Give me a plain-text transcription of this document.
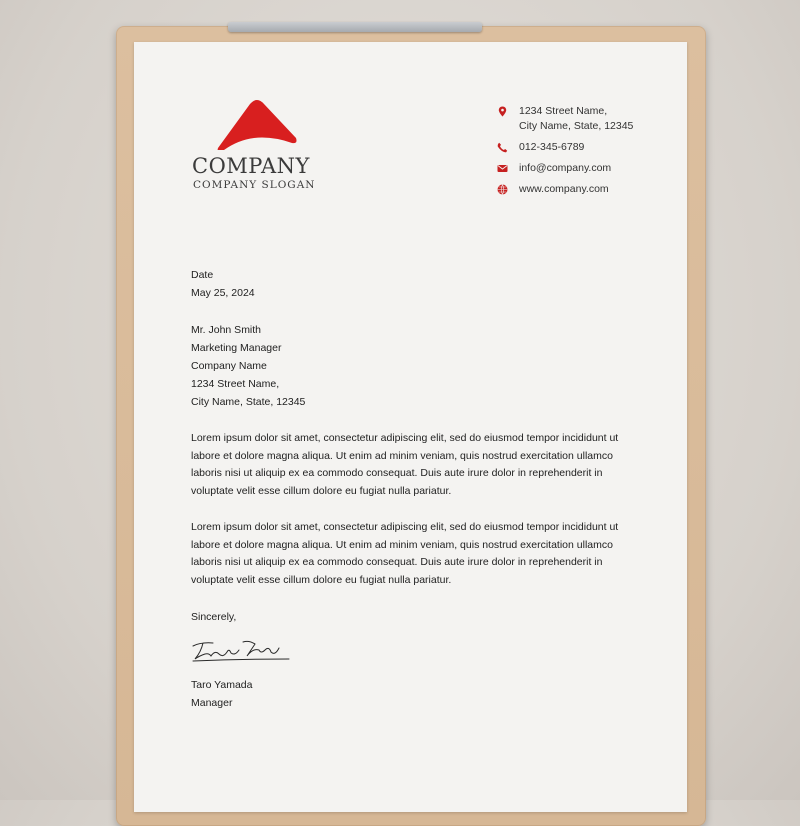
COMPANY
COMPANY SLOGAN
1234 Street Name,
City Name, State, 12345
012-345-6789
info@company.com
www.company.com
Date
May 25, 2024
Mr. John Smith
Marketing Manager
Company Name
1234 Street Name,
City Name, State, 12345
Lorem ipsum dolor sit amet, consectetur adipiscing elit, sed do eiusmod tempor incididunt ut labore et dolore magna aliqua. Ut enim ad minim veniam, quis nostrud exercitation ullamco laboris nisi ut aliquip ex ea commodo consequat. Duis aute irure dolor in reprehenderit in voluptate velit esse cillum dolore eu fugiat nulla pariatur.
Lorem ipsum dolor sit amet, consectetur adipiscing elit, sed do eiusmod tempor incididunt ut labore et dolore magna aliqua. Ut enim ad minim veniam, quis nostrud exercitation ullamco laboris nisi ut aliquip ex ea commodo consequat. Duis aute irure dolor in reprehenderit in voluptate velit esse cillum dolore eu fugiat nulla pariatur.
Sincerely,
Taro Yamada
Manager
